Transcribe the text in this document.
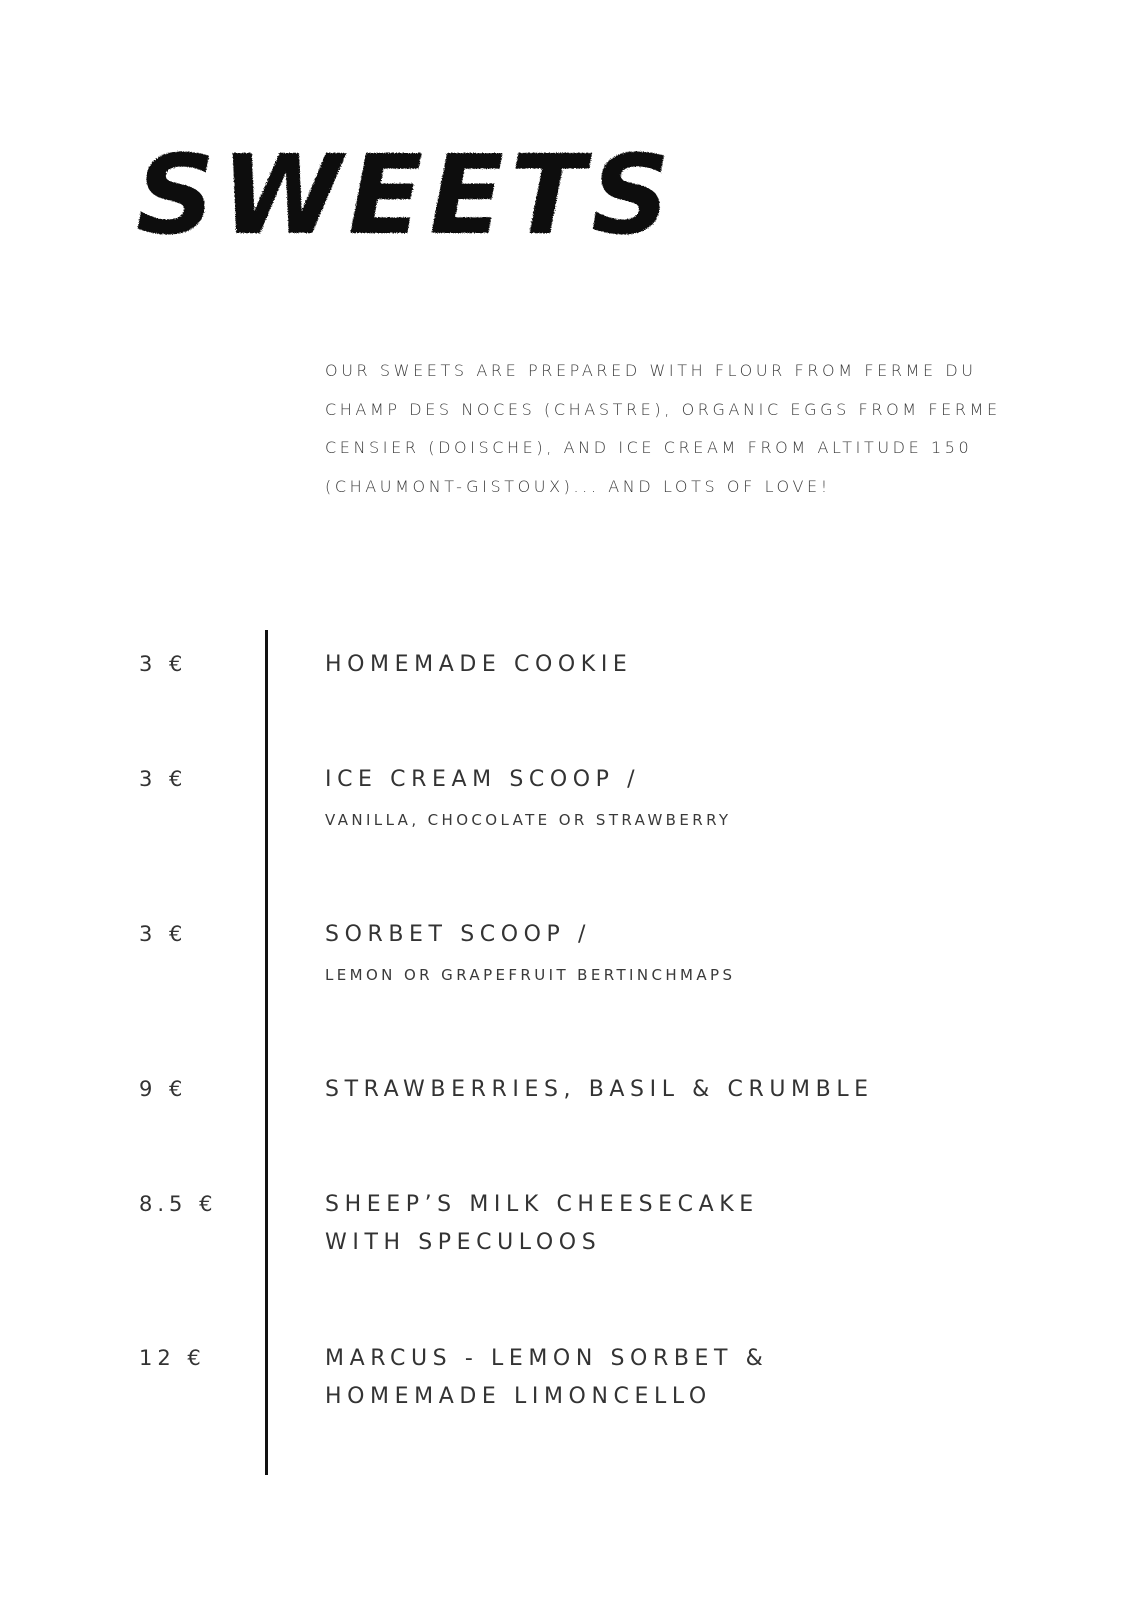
SWEETS

OUR SWEETS ARE PREPARED WITH FLOUR FROM FERME DU
CHAMP DES NOCES (CHASTRE), ORGANIC EGGS FROM FERME
CENSIER (DOISCHE), AND ICE CREAM FROM ALTITUDE 150
(CHAUMONT-GISTOUX)... AND LOTS OF LOVE!

3 €	HOMEMADE COOKIE
3 €	ICE CREAM SCOOP /
VANILLA, CHOCOLATE OR STRAWBERRY
3 €	SORBET SCOOP /
LEMON OR GRAPEFRUIT BERTINCHMAPS
9 €	STRAWBERRIES, BASIL & CRUMBLE
8.5 €	SHEEP’S MILK CHEESECAKE
WITH SPECULOOS
12 €	MARCUS - LEMON SORBET &
HOMEMADE LIMONCELLO
